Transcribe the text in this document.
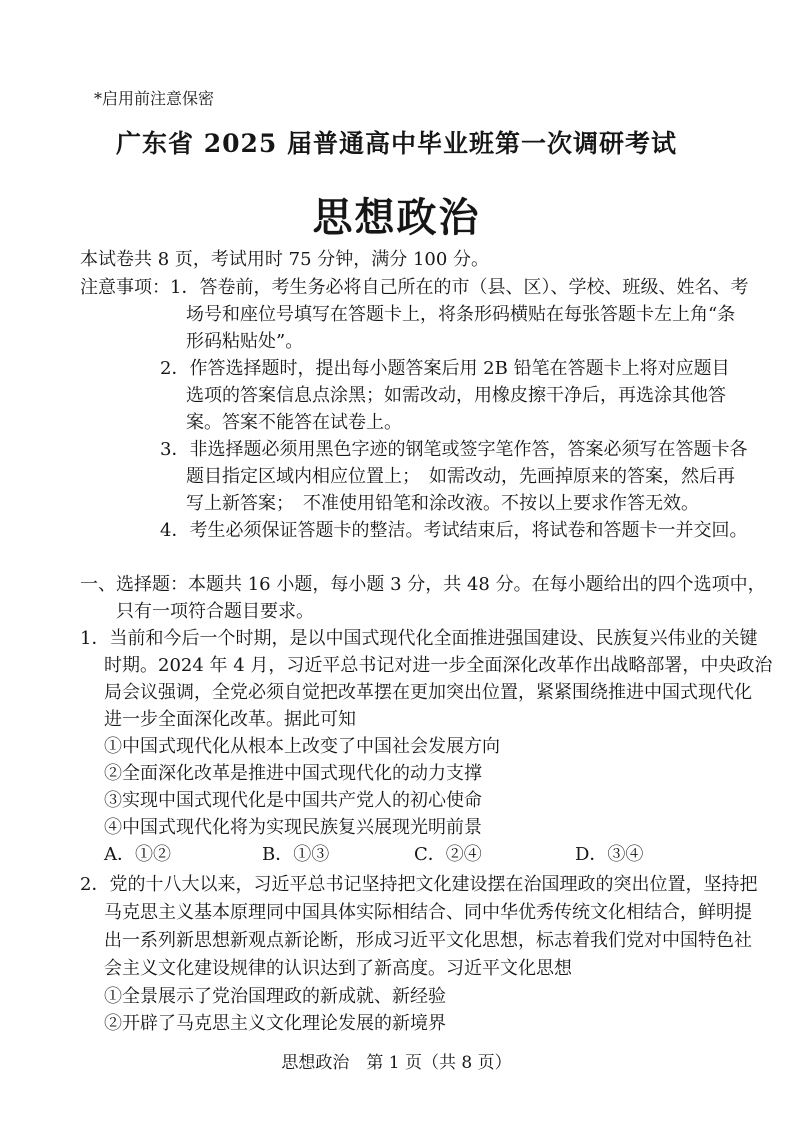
*启用前注意保密
广东省 2025 届普通高中毕业班第一次调研考试
思想政治
本试卷共 8 页，考试用时 75 分钟，满分 100 分。
注意事项： 1．答卷前，考生务必将自己所在的市（县、区）、学校、班级、姓名、考
场号和座位号填写在答题卡上，将条形码横贴在每张答题卡左上角“条
形码粘贴处”。
2．作答选择题时，提出每小题答案后用 2B 铅笔在答题卡上将对应题目
选项的答案信息点涂黑；如需改动，用橡皮擦干净后，再选涂其他答
案。答案不能答在试卷上。
3．非选择题必须用黑色字迹的钢笔或签字笔作答，答案必须写在答题卡各
题目指定区域内相应位置上；　如需改动，先画掉原来的答案，然后再
写上新答案；　不准使用铅笔和涂改液。不按以上要求作答无效。
4．考生必须保证答题卡的整洁。考试结束后，将试卷和答题卡一并交回。
一、选择题：本题共 16 小题，每小题 3 分，共 48 分。在每小题给出的四个选项中，
只有一项符合题目要求。
1．当前和今后一个时期，是以中国式现代化全面推进强国建设、民族复兴伟业的关键
时期。2024 年 4 月，习近平总书记对进一步全面深化改革作出战略部署，中央政治
局会议强调，全党必须自觉把改革摆在更加突出位置，紧紧围绕推进中国式现代化
进一步全面深化改革。据此可知
①中国式现代化从根本上改变了中国社会发展方向
②全面深化改革是推进中国式现代化的动力支撑
③实现中国式现代化是中国共产党人的初心使命
④中国式现代化将为实现民族复兴展现光明前景
A．①②	B．①③	C．②④	D．③④
2．党的十八大以来，习近平总书记坚持把文化建设摆在治国理政的突出位置，坚持把
马克思主义基本原理同中国具体实际相结合、同中华优秀传统文化相结合，鲜明提
出一系列新思想新观点新论断，形成习近平文化思想，标志着我们党对中国特色社
会主义文化建设规律的认识达到了新高度。习近平文化思想
①全景展示了党治国理政的新成就、新经验
②开辟了马克思主义文化理论发展的新境界
思想政治　第 1 页（共 8 页）
